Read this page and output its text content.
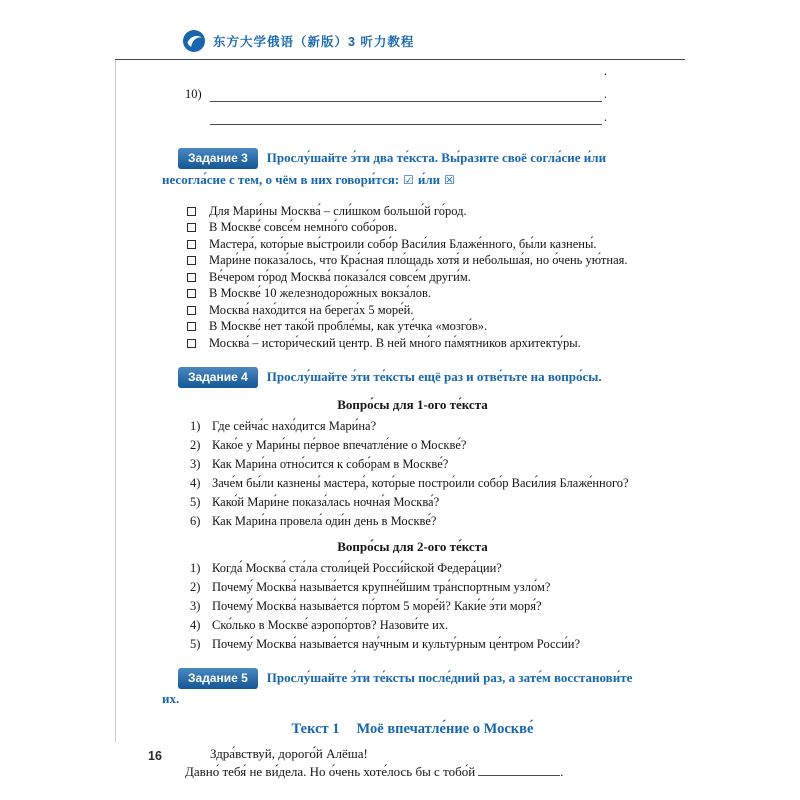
东方大学俄语（新版）3 听力教程
.
10)	.
.
Задание 3 Прослу́шайте э́ти два те́кста. Вы́разите своё согла́сие и́ли
несогла́сие с тем, о чём в них говори́тся: ☑ и́ли ☒
Для Мари́ны Москва́ – сли́шком большо́й го́род.
В Москве́ совсе́м немно́го собо́ров.
Мастера́, кото́рые вы́строили собо́р Васи́лия Блаже́нного, бы́ли казнены́.
Мари́не показа́лось, что Кра́сная пло́щадь хотя́ и небольша́я, но о́чень ую́тная.
Ве́чером го́род Москва́ показа́лся совсе́м други́м.
В Москве́ 10 железнодоро́жных вокза́лов.
Москва́ нахо́дится на берега́х 5 море́й.
В Москве́ нет тако́й пробле́мы, как уте́чка «мозго́в».
Москва́ – истори́ческий центр. В ней мно́го па́мятников архитекту́ры.
Задание 4 Прослу́шайте э́ти те́ксты ещё раз и отве́тьте на вопро́сы.
Вопро́сы для 1-ого те́кста
1) Где сейча́с нахо́дится Мари́на?
2) Како́е у Мари́ны пе́рвое впечатле́ние о Москве́?
3) Как Мари́на отно́сится к собо́рам в Москве́?
4) Заче́м бы́ли казнены́ мастера́, кото́рые постро́или собо́р Васи́лия Блаже́нного?
5) Како́й Мари́не показа́лась ночна́я Москва́?
6) Как Мари́на провела́ оди́н день в Москве́?
Вопро́сы для 2-ого те́кста
1) Когда́ Москва́ ста́ла столи́цей Росси́йской Федера́ции?
2) Почему́ Москва́ называ́ется крупне́йшим тра́нспортным узло́м?
3) Почему́ Москва́ называ́ется по́ртом 5 море́й? Каки́е э́ти моря́?
4) Ско́лько в Москве́ аэропо́ртов? Назови́те их.
5) Почему́ Москва́ называ́ется нау́чным и культу́рным це́нтром Росси́и?
Задание 5 Прослу́шайте э́ти те́ксты после́дний раз, а зате́м восстанови́те их.
Текст 1 Моё впечатле́ние о Москве́

Здра́вствуй, дорого́й Алёша!

Давно́ тебя́ не ви́дела. Но о́чень хоте́лось бы с тобо́й	.

16
